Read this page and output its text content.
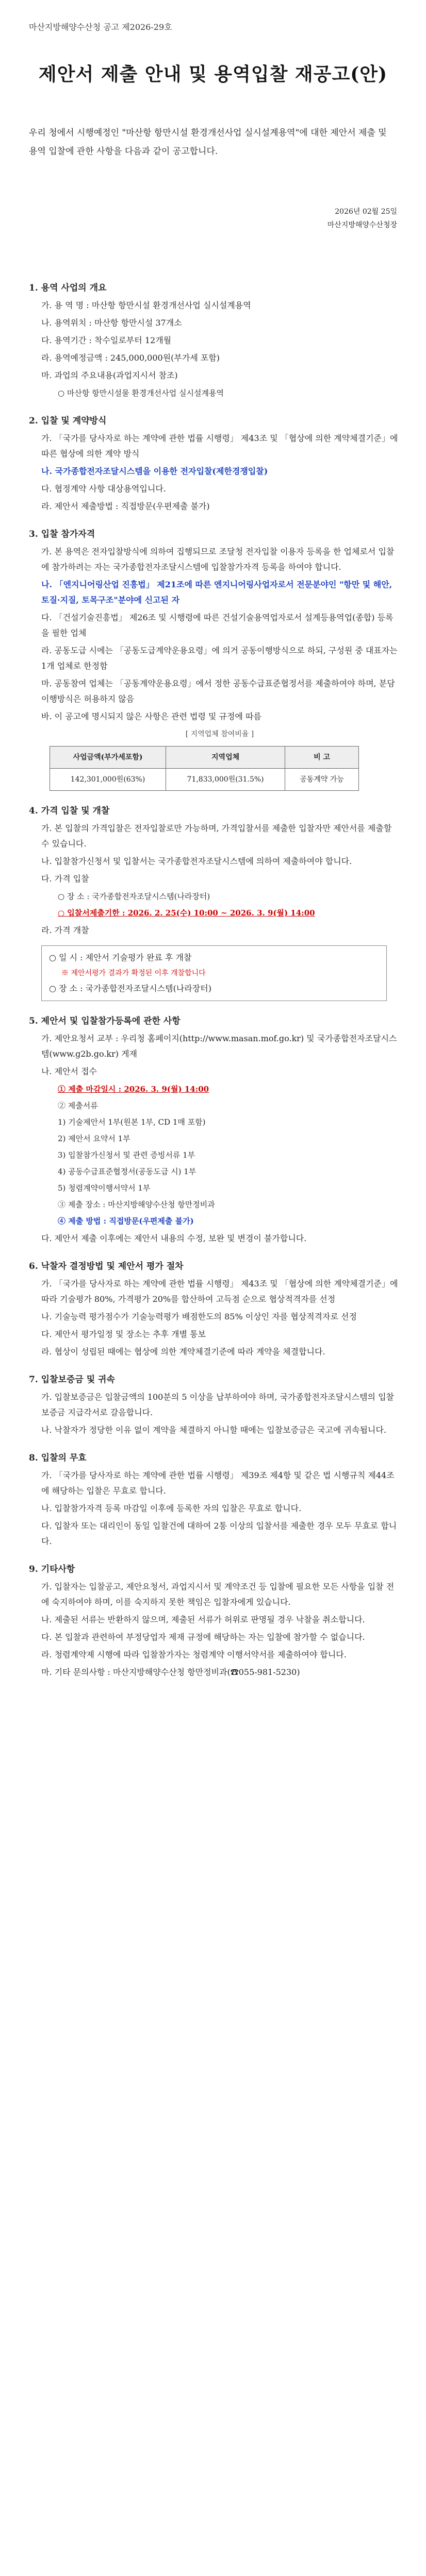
마산지방해양수산청 공고 제2026-29호
제안서 제출 안내 및 용역입찰 재공고(안)
우리 청에서 시행예정인 "마산항 항만시설 환경개선사업 실시설계용역"에 대한 제안서 제출 및 용역 입찰에 관한 사항을 다음과 같이 공고합니다.
2026년 02월 25일
마산지방해양수산청장
1. 용역 사업의 개요
가. 용 역 명 : 마산항 항만시설 환경개선사업 실시설계용역
나. 용역위치 : 마산항 항만시설 37개소
다. 용역기간 : 착수일로부터 12개월
라. 용역예정금액 : 245,000,000원(부가세 포함)
마. 과업의 주요내용(과업지시서 참조)
○ 마산항 항만시설물 환경개선사업 실시설계용역
2. 입찰 및 계약방식
가. 「국가를 당사자로 하는 계약에 관한 법률 시행령」 제43조 및 「협상에 의한 계약체결기준」에 따른 협상에 의한 계약 방식
나. 국가종합전자조달시스템을 이용한 전자입찰(제한경쟁입찰)
다. 협정계약 사항 대상용역입니다.
라. 제안서 제출방법 : 직접방문(우편제출 불가)
3. 입찰 참가자격
가. 본 용역은 전자입찰방식에 의하여 집행되므로 조달청 전자입찰 이용자 등록을 한 업체로서 입찰에 참가하려는 자는 국가종합전자조달시스템에 입찰참가자격 등록을 하여야 합니다.
나. 「엔지니어링산업 진흥법」 제21조에 따른 엔지니어링사업자로서 전문분야인 "항만 및 해안, 토질·지질, 토목구조"분야에 신고된 자
다. 「건설기술진흥법」 제26조 및 시행령에 따른 건설기술용역업자로서 설계등용역업(종합) 등록을 필한 업체
라. 공동도급 시에는 「공동도급계약운용요령」에 의거 공동이행방식으로 하되, 구성원 중 대표자는 1개 업체로 한정함
마. 공동참여 업체는 「공동계약운용요령」에서 정한 공동수급표준협정서를 제출하여야 하며, 분담이행방식은 허용하지 않음
바. 이 공고에 명시되지 않은 사항은 관련 법령 및 규정에 따름
[ 지역업체 참여비율 ]
사업금액(부가세포함)	지역업체	비 고
142,301,000원(63%)	71,833,000원(31.5%)	공동계약 가능
4. 가격 입찰 및 개찰
가. 본 입찰의 가격입찰은 전자입찰로만 가능하며, 가격입찰서를 제출한 입찰자만 제안서를 제출할 수 있습니다.
나. 입찰참가신청서 및 입찰서는 국가종합전자조달시스템에 의하여 제출하여야 합니다.
다. 가격 입찰
○ 장 소 : 국가종합전자조달시스템(나라장터)
○ 입찰서제출기한 : 2026. 2. 25(수) 10:00 ~ 2026. 3. 9(월) 14:00
라. 가격 개찰
○ 일 시 : 제안서 기술평가 완료 후 개찰
※ 제안서평가 결과가 확정된 이후 개찰합니다
○ 장 소 : 국가종합전자조달시스템(나라장터)
5. 제안서 및 입찰참가등록에 관한 사항
가. 제안요청서 교부 : 우리청 홈페이지(http://www.masan.mof.go.kr) 및 국가종합전자조달시스템(www.g2b.go.kr) 게재
나. 제안서 접수
① 제출 마감일시 : 2026. 3. 9(월) 14:00
② 제출서류
1) 기술제안서 1부(원본 1부, CD 1매 포함)
2) 제안서 요약서 1부
3) 입찰참가신청서 및 관련 증빙서류 1부
4) 공동수급표준협정서(공동도급 시) 1부
5) 청렴계약이행서약서 1부
③ 제출 장소 : 마산지방해양수산청 항만정비과
④ 제출 방법 : 직접방문(우편제출 불가)
다. 제안서 제출 이후에는 제안서 내용의 수정, 보완 및 변경이 불가합니다.
6. 낙찰자 결정방법 및 제안서 평가 절차
가. 「국가를 당사자로 하는 계약에 관한 법률 시행령」 제43조 및 「협상에 의한 계약체결기준」에 따라 기술평가 80%, 가격평가 20%를 합산하여 고득점 순으로 협상적격자를 선정
나. 기술능력 평가점수가 기술능력평가 배점한도의 85% 이상인 자를 협상적격자로 선정
다. 제안서 평가일정 및 장소는 추후 개별 통보
라. 협상이 성립된 때에는 협상에 의한 계약체결기준에 따라 계약을 체결합니다.
7. 입찰보증금 및 귀속
가. 입찰보증금은 입찰금액의 100분의 5 이상을 납부하여야 하며, 국가종합전자조달시스템의 입찰보증금 지급각서로 갈음합니다.
나. 낙찰자가 정당한 이유 없이 계약을 체결하지 아니할 때에는 입찰보증금은 국고에 귀속됩니다.
8. 입찰의 무효
가. 「국가를 당사자로 하는 계약에 관한 법률 시행령」 제39조 제4항 및 같은 법 시행규칙 제44조에 해당하는 입찰은 무효로 합니다.
나. 입찰참가자격 등록 마감일 이후에 등록한 자의 입찰은 무효로 합니다.
다. 입찰자 또는 대리인이 동일 입찰건에 대하여 2통 이상의 입찰서를 제출한 경우 모두 무효로 합니다.
9. 기타사항
가. 입찰자는 입찰공고, 제안요청서, 과업지시서 및 계약조건 등 입찰에 필요한 모든 사항을 입찰 전에 숙지하여야 하며, 이를 숙지하지 못한 책임은 입찰자에게 있습니다.
나. 제출된 서류는 반환하지 않으며, 제출된 서류가 허위로 판명될 경우 낙찰을 취소합니다.
다. 본 입찰과 관련하여 부정당업자 제재 규정에 해당하는 자는 입찰에 참가할 수 없습니다.
라. 청렴계약제 시행에 따라 입찰참가자는 청렴계약 이행서약서를 제출하여야 합니다.
마. 기타 문의사항 : 마산지방해양수산청 항만정비과(☎055-981-5230)
